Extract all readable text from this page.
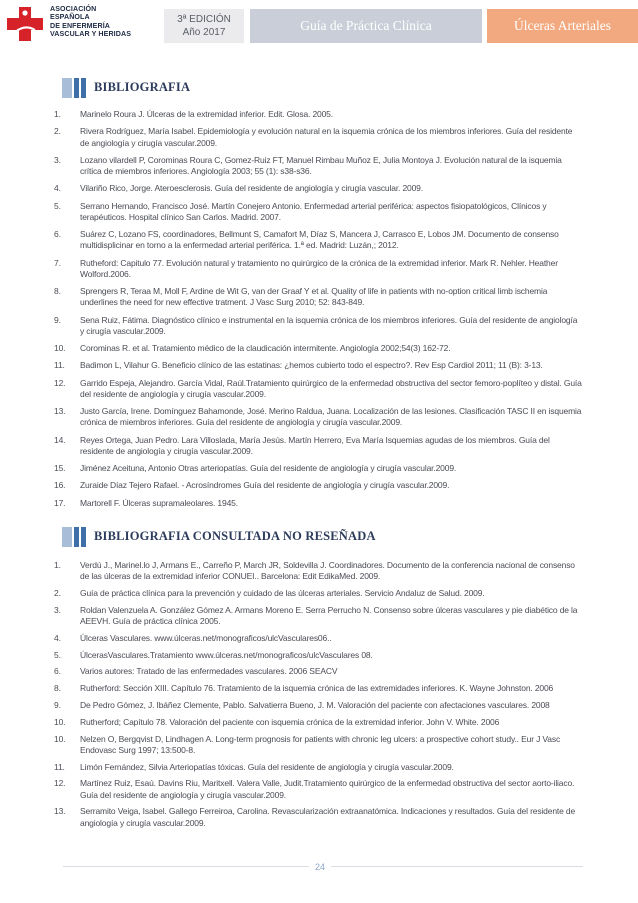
ASOCIACIÓN
ESPAÑOLA
DE ENFERMERÍA
VASCULAR Y HERIDAS
3ª EDICIÓN
Año 2017	Guía de Práctica Clínica	Úlceras Arteriales
BIBLIOGRAFIA
1.	Marinelo Roura J. Úlceras de la extremidad inferior. Edit. Glosa. 2005.
2.	Rivera Rodríguez, María Isabel. Epidemiología y evolución natural en la isquemia crónica de los miembros inferiores. Guía del residente de angiología y cirugía vascular.2009.
3.	Lozano vilardell P, Corominas Roura C, Gomez-Ruiz FT, Manuel Rimbau Muñoz E, Julia Montoya J. Evolución natural de la isquemia crítica de miembros inferiores. Angiología 2003; 55 (1): s38-s36.
4.	Vilariño Rico, Jorge. Ateroesclerosis. Guía del residente de angiología y cirugía vascular. 2009.
5.	Serrano Hernando, Francisco José. Martín Conejero Antonio. Enfermedad arterial periférica: aspectos fisiopatológicos, Clínicos y terapéuticos. Hospital clínico San Carlos. Madrid. 2007.
6.	Suárez C, Lozano FS, coordinadores, Bellmunt S, Camafort M, Díaz S, Mancera J, Carrasco E, Lobos JM. Documento de consenso multidisplicinar en torno a la enfermedad arterial periférica. 1.ª ed. Madrid: Luzán,; 2012.
7.	Rutheford: Capitulo 77. Evolución natural y tratamiento no quirúrgico de la crónica de la extremidad inferior. Mark R. Nehler. Heather Wolford.2006.
8.	Sprengers R, Teraa M, Moll F, Ardine de Wit G, van der Graaf Y et al. Quality of life in patients with no-option critical limb ischemia underlines the need for new effective tratment. J Vasc Surg 2010; 52: 843-849.
9.	Sena Ruiz, Fátima. Diagnóstico clínico e instrumental en la isquemia crónica de los miembros inferiores. Guía del residente de angiología y cirugía vascular.2009.
10.	Corominas R. et al. Tratamiento médico de la claudicación intermitente. Angiología 2002;54(3) 162-72.
11.	Badimon L, Vilahur G. Beneficio clínico de las estatinas: ¿hemos cubierto todo el espectro?. Rev Esp Cardiol 2011; 11 (B): 3-13.
12.	Garrido Espeja, Alejandro. García Vidal, Raúl.Tratamiento quirúrgico de la enfermedad obstructiva del sector femoro-poplíteo y distal. Guía del residente de angiología y cirugía vascular.2009.
13.	Justo García, Irene. Domínguez Bahamonde, José. Merino Raldua, Juana. Localización de las lesiones. Clasificación TASC II en isquemia crónica de miembros inferiores. Guía del residente de angiología y cirugía vascular.2009.
14.	Reyes Ortega, Juan Pedro. Lara Villoslada, María Jesús. Martín Herrero, Eva María Isquemias agudas de los miembros. Guía del residente de angiología y cirugía vascular.2009.
15.	Jiménez Aceituna, Antonio Otras arteriopatías. Guía del residente de angiología y cirugía vascular.2009.
16.	Zuraide Díaz Tejero Rafael. - Acrosíndromes Guía del residente de angiología y cirugía vascular.2009.
17.	Martorell F. Úlceras supramaleolares. 1945.
BIBLIOGRAFIA CONSULTADA NO RESEÑADA
1.	Verdú J., Marinel.lo J, Armans E., Carreño P, March JR, Soldevilla J. Coordinadores. Documento de la conferencia nacional de consenso de las úlceras de la extremidad inferior CONUEI.. Barcelona: Edit EdikaMed. 2009.
2.	Guía de práctica clínica para la prevención y cuidado de las úlceras arteriales. Servicio Andaluz de Salud. 2009.
3.	Roldan Valenzuela A. González Gómez A. Armans Moreno E. Serra Perrucho N. Consenso sobre úlceras vasculares y pie diabético de la AEEVH. Guía de práctica clínica 2005.
4.	Úlceras Vasculares. www.úlceras.net/monograficos/ulcVasculares06..
5.	ÚlcerasVasculares.Tratamiento www.úlceras.net/monograficos/ulcVasculares 08.
6.	Varios autores: Tratado de las enfermedades vasculares. 2006 SEACV
8.	Rutherford: Sección XIII. Capítulo 76. Tratamiento de la isquemia crónica de las extremidades inferiores. K. Wayne Johnston. 2006
9.	De Pedro Gómez, J. Ibáñez Clemente, Pablo. Salvatierra Bueno, J. M. Valoración del paciente con afectaciones vasculares. 2008
10.	Rutherford; Capítulo 78. Valoración del paciente con isquemia crónica de la extremidad inferior. John V. White. 2006
10.	Nelzen O, Bergqvist D, Lindhagen A. Long-term prognosis for patients with chronic leg ulcers: a prospective cohort study.. Eur J Vasc Endovasc Surg 1997; 13:500-8.
11.	Limón Fernández, Silvia Arteriopatías tóxicas. Guía del residente de angiología y cirugía vascular.2009.
12.	Martínez Ruiz, Esaú. Davins Riu, Maritxell. Valera Valle, Judit.Tratamiento quirúrgico de la enfermedad obstructiva del sector aorto-iliaco. Guía del residente de angiología y cirugía vascular.2009.
13.	Serramito Veiga, Isabel. Gallego Ferreiroa, Carolina. Revascularización extraanatómica. Indicaciones y resultados. Guía del residente de angiología y cirugía vascular.2009.
24
